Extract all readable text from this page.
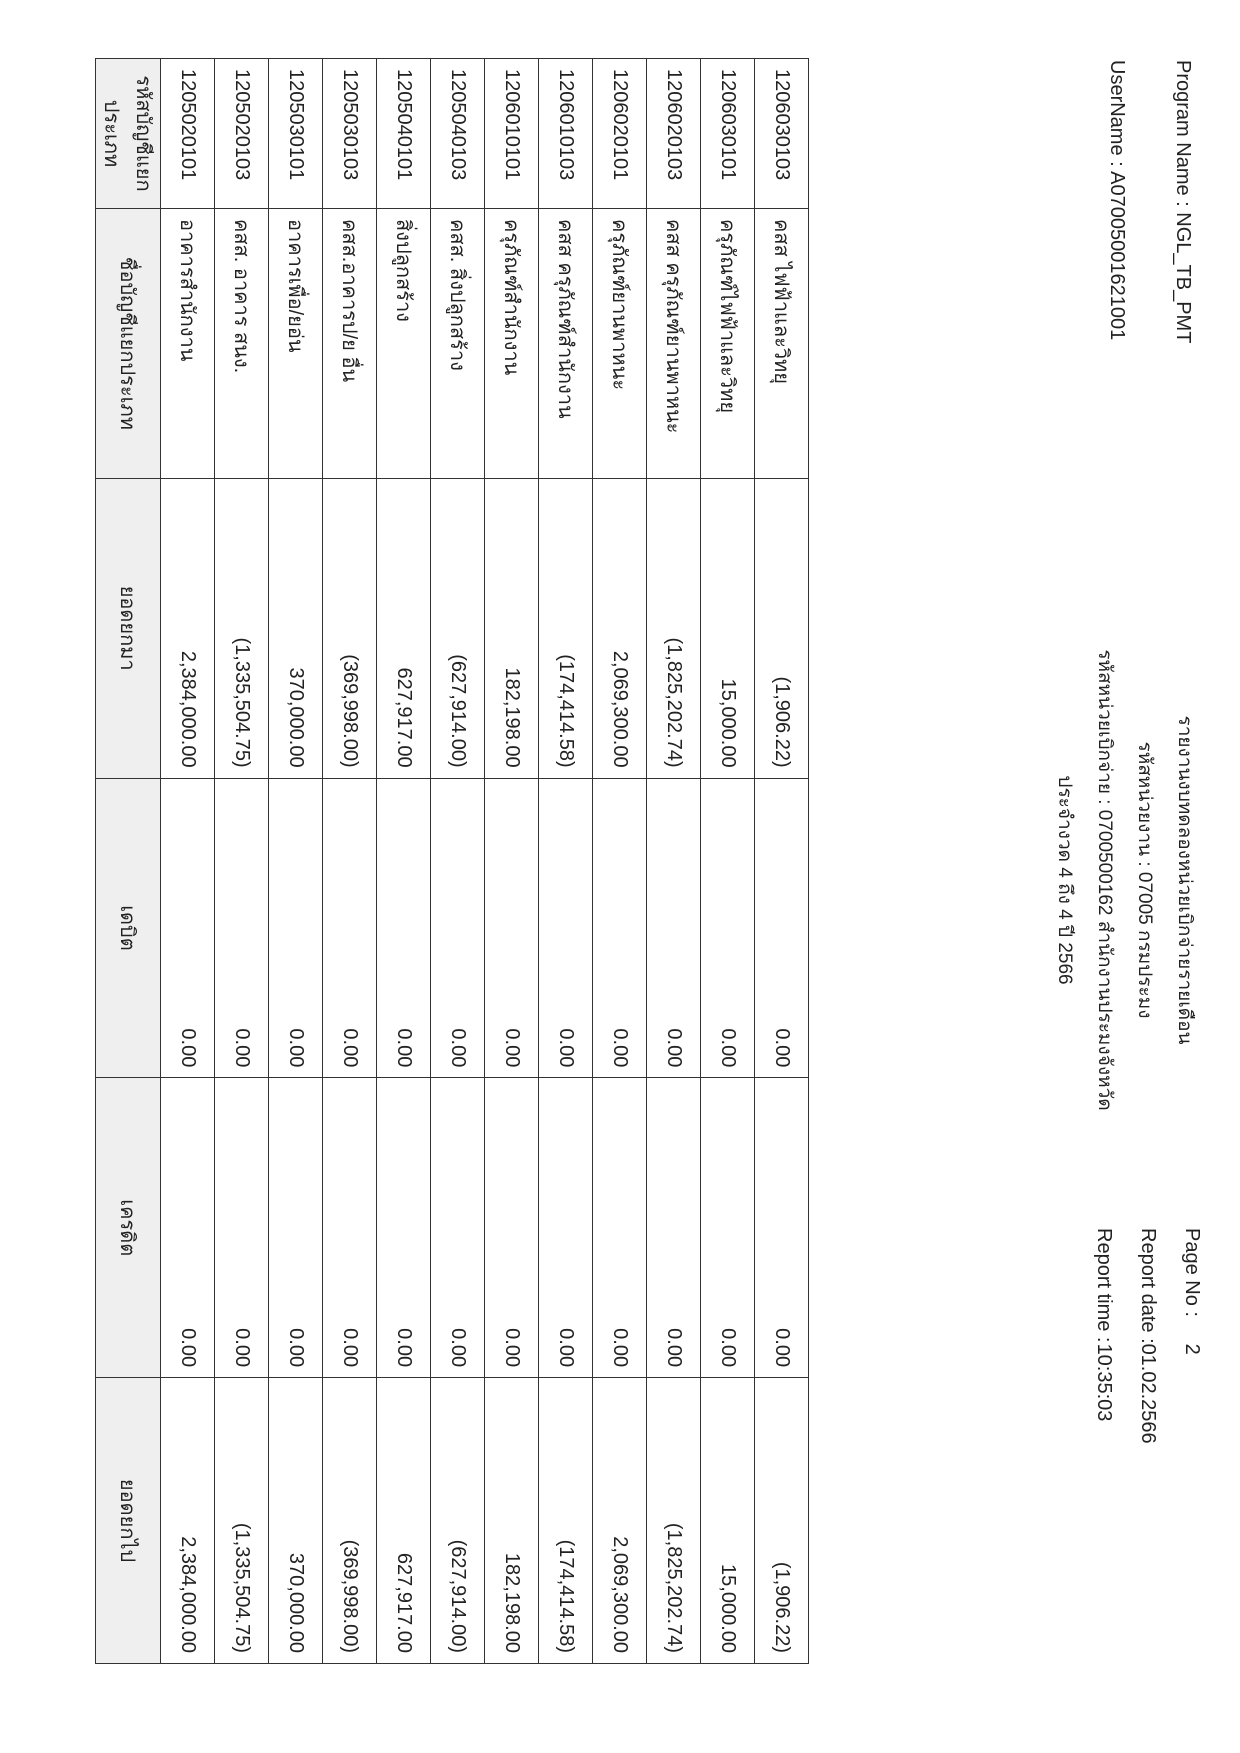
Program Name : NGL_TB_PMT
UserName : A07005001621001
รายงานงบทดลองหน่วยเบิกจ่ายรายเดือน
รหัสหน่วยงาน : 07005 กรมประมง
รหัสหน่วยเบิกจ่าย : 0700500162 สำนักงานประมงจังหวัด
ประจำงวด 4 ถึง 4 ปี 2566
Page No : 2
Report date : 01.02.2566
Report time : 10:35:03
รหัสบัญชีแยกประเภท	ชื่อบัญชีแยกประเภท	ยอดยกมา	เดบิต	เครดิต	ยอดยกไป
1205020101	อาคารสำนักงาน	2,384,000.00	0.00	0.00	2,384,000.00
1205020103	คสส. อาคาร สนง.	(1,335,504.75)	0.00	0.00	(1,335,504.75)
1205030101	อาคารเพื่อ/ยอ่น	370,000.00	0.00	0.00	370,000.00
1205030103	คสส.อาคารป/ย อื่น	(369,998.00)	0.00	0.00	(369,998.00)
1205040101	สิ่งปลูกสร้าง	627,917.00	0.00	0.00	627,917.00
1205040103	คสส. สิ่งปลูกสร้าง	(627,914.00)	0.00	0.00	(627,914.00)
1206010101	ครุภัณฑ์สำนักงาน	182,198.00	0.00	0.00	182,198.00
1206010103	คสส ครุภัณฑ์สำนักงาน	(174,414.58)	0.00	0.00	(174,414.58)
1206020101	ครุภัณฑ์ยานพาหนะ	2,069,300.00	0.00	0.00	2,069,300.00
1206020103	คสส ครุภัณฑ์ยานพาหนะ	(1,825,202.74)	0.00	0.00	(1,825,202.74)
1206030101	ครุภัณฑ์ไฟฟ้าและวิทยุ	15,000.00	0.00	0.00	15,000.00
1206030103	คสส ไฟฟ้าและวิทยุ	(1,906.22)	0.00	0.00	(1,906.22)
